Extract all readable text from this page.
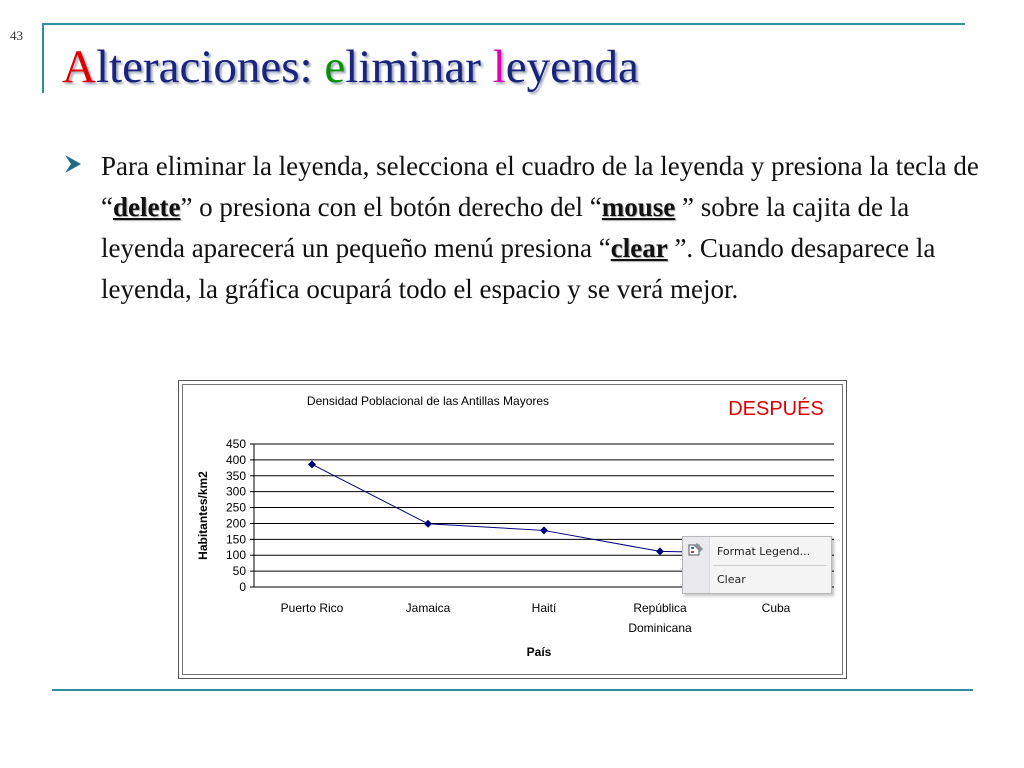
43
Alteraciones: eliminar leyenda

Para eliminar la leyenda, selecciona el cuadro de la leyenda y presiona la tecla de “delete” o presiona con el botón derecho del “mouse ” sobre la cajita de la leyenda aparecerá un pequeño menú presiona “clear ”. Cuando desaparece la leyenda, la gráfica ocupará todo el espacio y se verá mejor.

Densidad Poblacional de las Antillas Mayores	DESPUÉS
0
50
100
150
200
250
300
350
400
450
Puerto Rico	Jamaica	Haití	República
Dominicana
Cuba
País
Habitantes/km2	Format Legend...
Clear
